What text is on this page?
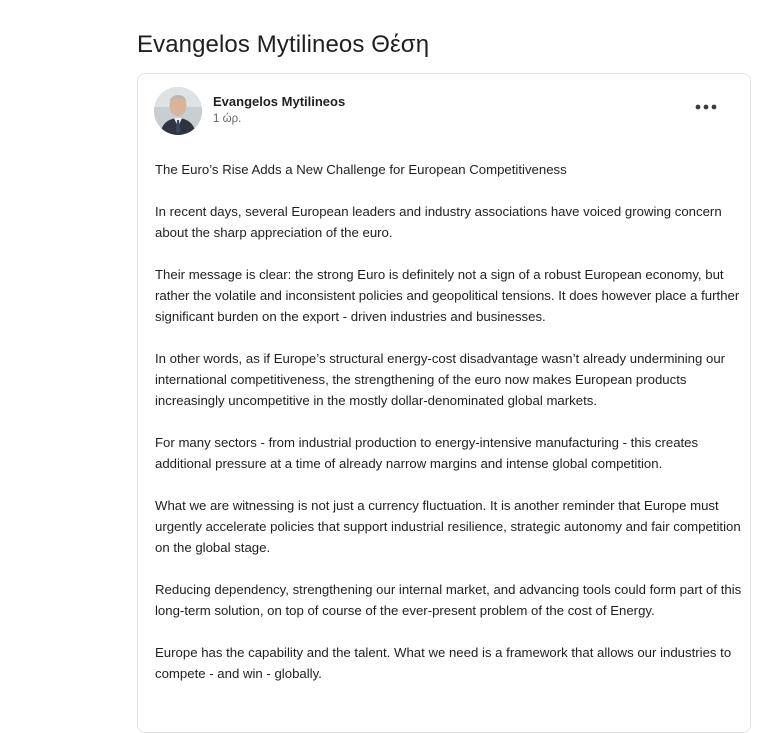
Evangelos Mytilineos Θέση
Evangelos Mytilineos
1 ώρ.

The Euro’s Rise Adds a New Challenge for European Competitiveness

In recent days, several European leaders and industry associations have voiced growing concern about the sharp appreciation of the euro.

Their message is clear: the strong Euro is definitely not a sign of a robust European economy, but rather the volatile and inconsistent policies and geopolitical tensions. It does however place a further significant burden on the export - driven industries and businesses.

In other words, as if Europe’s structural energy-cost disadvantage wasn’t already undermining our international competitiveness, the strengthening of the euro now makes European products increasingly uncompetitive in the mostly dollar-denominated global markets.

For many sectors - from industrial production to energy-intensive manufacturing - this creates additional pressure at a time of already narrow margins and intense global competition.

What we are witnessing is not just a currency fluctuation. It is another reminder that Europe must urgently accelerate policies that support industrial resilience, strategic autonomy and fair competition on the global stage.

Reducing dependency, strengthening our internal market, and advancing tools could form part of this long-term solution, on top of course of the ever-present problem of the cost of Energy.

Europe has the capability and the talent. What we need is a framework that allows our industries to compete - and win - globally.
